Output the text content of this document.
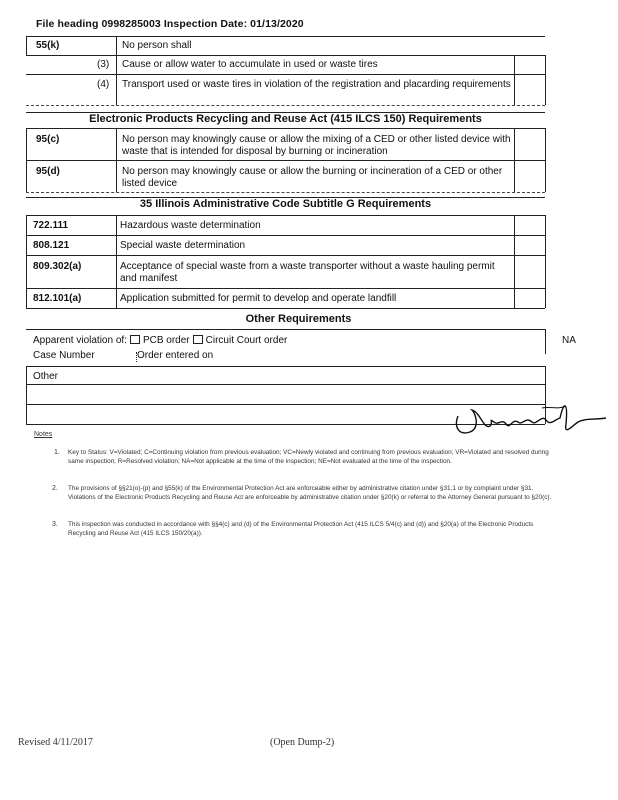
File heading 0998285003 Inspection Date: 01/13/2020
55(k)	No person shall
(3) Cause or allow water to accumulate in used or waste tires
(4) Transport used or waste tires in violation of the registration and placarding requirements
Electronic Products Recycling and Reuse Act (415 ILCS 150) Requirements
95(c)	No person may knowingly cause or allow the mixing of a CED or other listed device with waste that is intended for disposal by burning or incineration
95(d)	No person may knowingly cause or allow the burning or incineration of a CED or other listed device
35 Illinois Administrative Code Subtitle G Requirements
722.111	Hazardous waste determination
808.121	Special waste determination
809.302(a)	Acceptance of special waste from a waste transporter without a waste hauling permit and manifest
812.101(a)	Application submitted for permit to develop and operate landfill
Other Requirements
Apparent violation of: PCB order Circuit Court order	NA
Case Number	Order entered on
Other
Notes
1. Key to Status: V=Violated; C=Continuing violation from previous evaluation; VC=Newly violated and continuing from previous evaluation; VR=Violated and resolved during same inspection; R=Resolved violation; NA=Not applicable at the time of the inspection; NE=Not evaluated at the time of the inspection.
2. The provisions of §§21(o)-(p) and §55(k) of the Environmental Protection Act are enforceable either by administrative citation under §31.1 or by complaint under §31. Violations of the Electronic Products Recycling and Reuse Act are enforceable by administrative citation under §20(k) or referral to the Attorney General pursuant to §20(c).
3. This inspection was conducted in accordance with §§4(c) and (d) of the Environmental Protection Act (415 ILCS 5/4(c) and (d)) and §20(a) of the Electronic Products Recycling and Reuse Act (415 ILCS 150/20(a)).
Revised 4/11/2017	(Open Dump-2)
